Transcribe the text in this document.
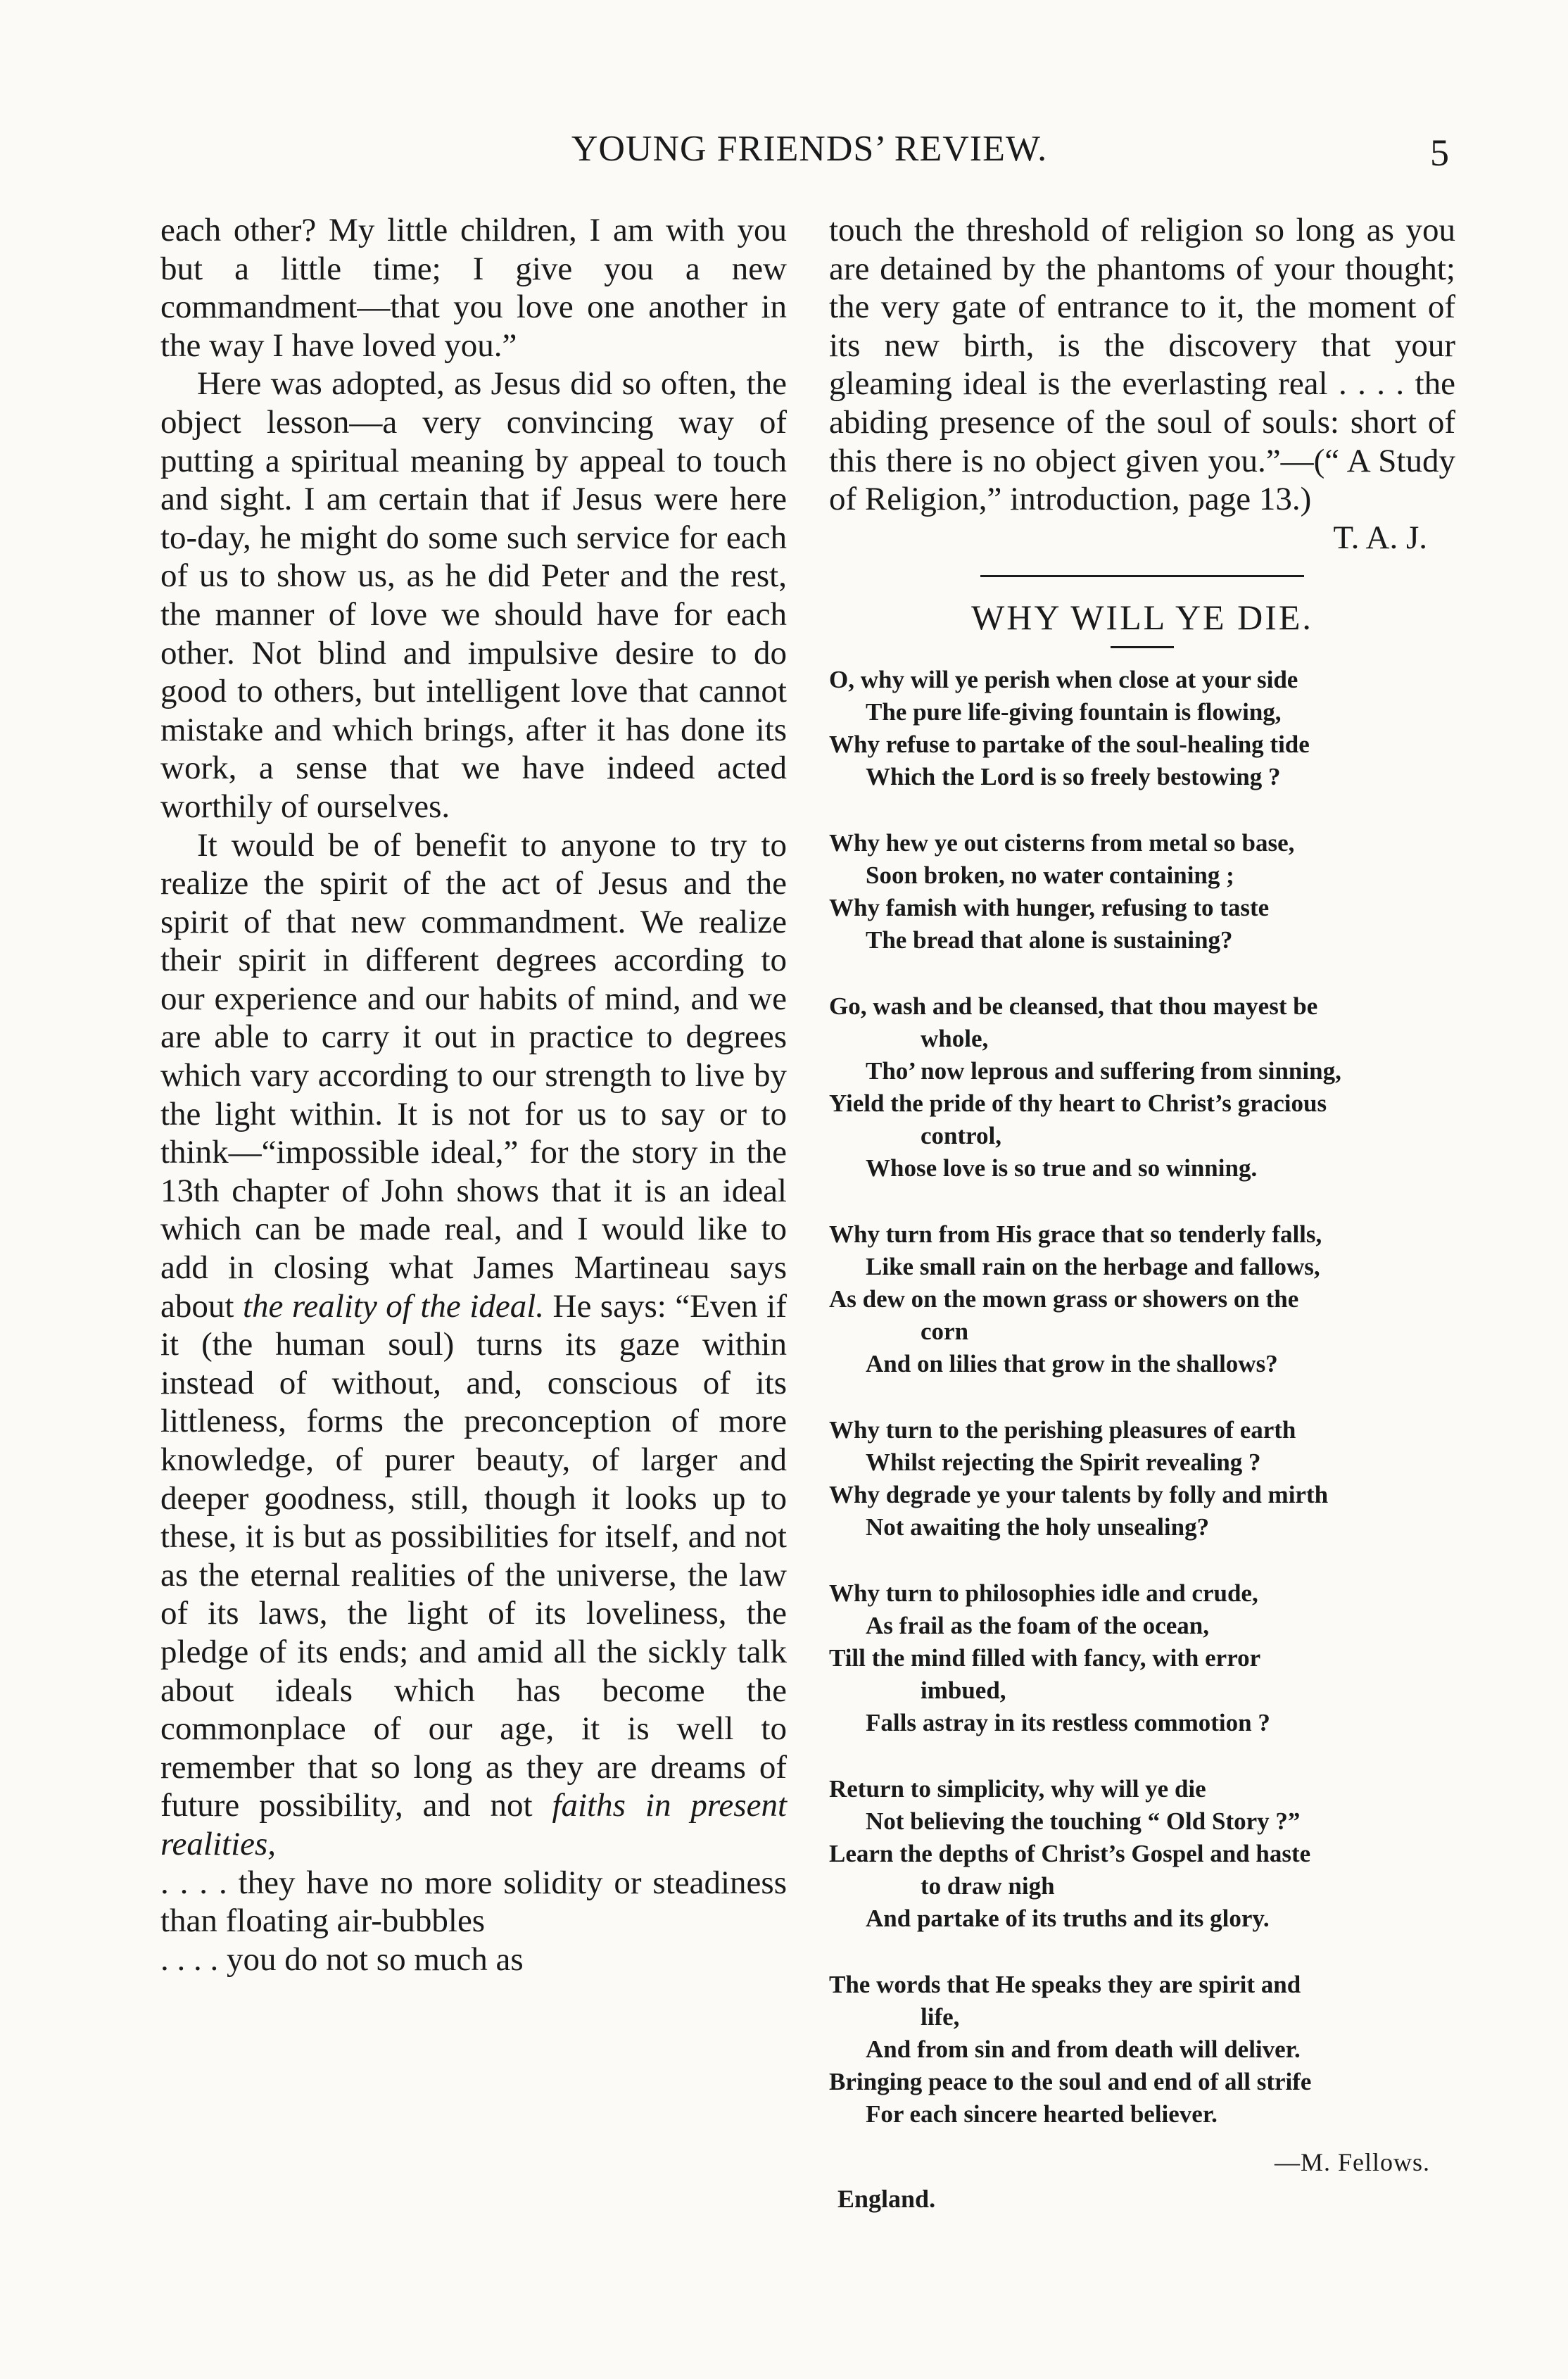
YOUNG FRIENDS’ REVIEW.	5

each other? My little children, I am with you but a little time; I give you a new commandment—that you love one another in the way I have loved you.”

Here was adopted, as Jesus did so often, the object lesson—a very convincing way of putting a spiritual meaning by appeal to touch and sight. I am certain that if Jesus were here to-day, he might do some such service for each of us to show us, as he did Peter and the rest, the manner of love we should have for each other. Not blind and impulsive desire to do good to others, but intelligent love that cannot mistake and which brings, after it has done its work, a sense that we have indeed acted worthily of ourselves.

It would be of benefit to anyone to try to realize the spirit of the act of Jesus and the spirit of that new commandment. We realize their spirit in different degrees according to our experience and our habits of mind, and we are able to carry it out in practice to degrees which vary according to our strength to live by the light within. It is not for us to say or to think—“impossible ideal,” for the story in the 13th chapter of John shows that it is an ideal which can be made real, and I would like to add in closing what James Martineau says about the reality of the ideal. He says: “Even if it (the human soul) turns its gaze within instead of without, and, conscious of its littleness, forms the preconception of more knowledge, of purer beauty, of larger and deeper goodness, still, though it looks up to these, it is but as possibilities for itself, and not as the eternal realities of the universe, the law of its laws, the light of its loveliness, the pledge of its ends; and amid all the sickly talk about ideals which has become the commonplace of our age, it is well to remember that so long as they are dreams of future possibility, and not faiths in present realities,

. . . . they have no more solidity or steadiness than floating air-bubbles

. . . . you do not so much as

touch the threshold of religion so long as you are detained by the phantoms of your thought; the very gate of entrance to it, the moment of its new birth, is the discovery that your gleaming ideal is the everlasting real . . . . the abiding presence of the soul of souls: short of this there is no object given you.”—(“ A Study of Religion,” introduction, page 13.)

T. A. J.

WHY WILL YE DIE.

O, why will ye perish when close at your side

The pure life-giving fountain is flowing,

Why refuse to partake of the soul-healing tide

Which the Lord is so freely bestowing ?

Why hew ye out cisterns from metal so base,

Soon broken, no water containing ;

Why famish with hunger, refusing to taste

The bread that alone is sustaining?

Go, wash and be cleansed, that thou mayest be

whole,

Tho’ now leprous and suffering from sinning,

Yield the pride of thy heart to Christ’s gracious

control,

Whose love is so true and so winning.

Why turn from His grace that so tenderly falls,

Like small rain on the herbage and fallows,

As dew on the mown grass or showers on the

corn

And on lilies that grow in the shallows?

Why turn to the perishing pleasures of earth

Whilst rejecting the Spirit revealing ?

Why degrade ye your talents by folly and mirth

Not awaiting the holy unsealing?

Why turn to philosophies idle and crude,

As frail as the foam of the ocean,

Till the mind filled with fancy, with error

imbued,

Falls astray in its restless commotion ?

Return to simplicity, why will ye die

Not believing the touching “ Old Story ?”

Learn the depths of Christ’s Gospel and haste

to draw nigh

And partake of its truths and its glory.

The words that He speaks they are spirit and

life,

And from sin and from death will deliver.

Bringing peace to the soul and end of all strife

For each sincere hearted believer.

—M. Fellows.
England.
